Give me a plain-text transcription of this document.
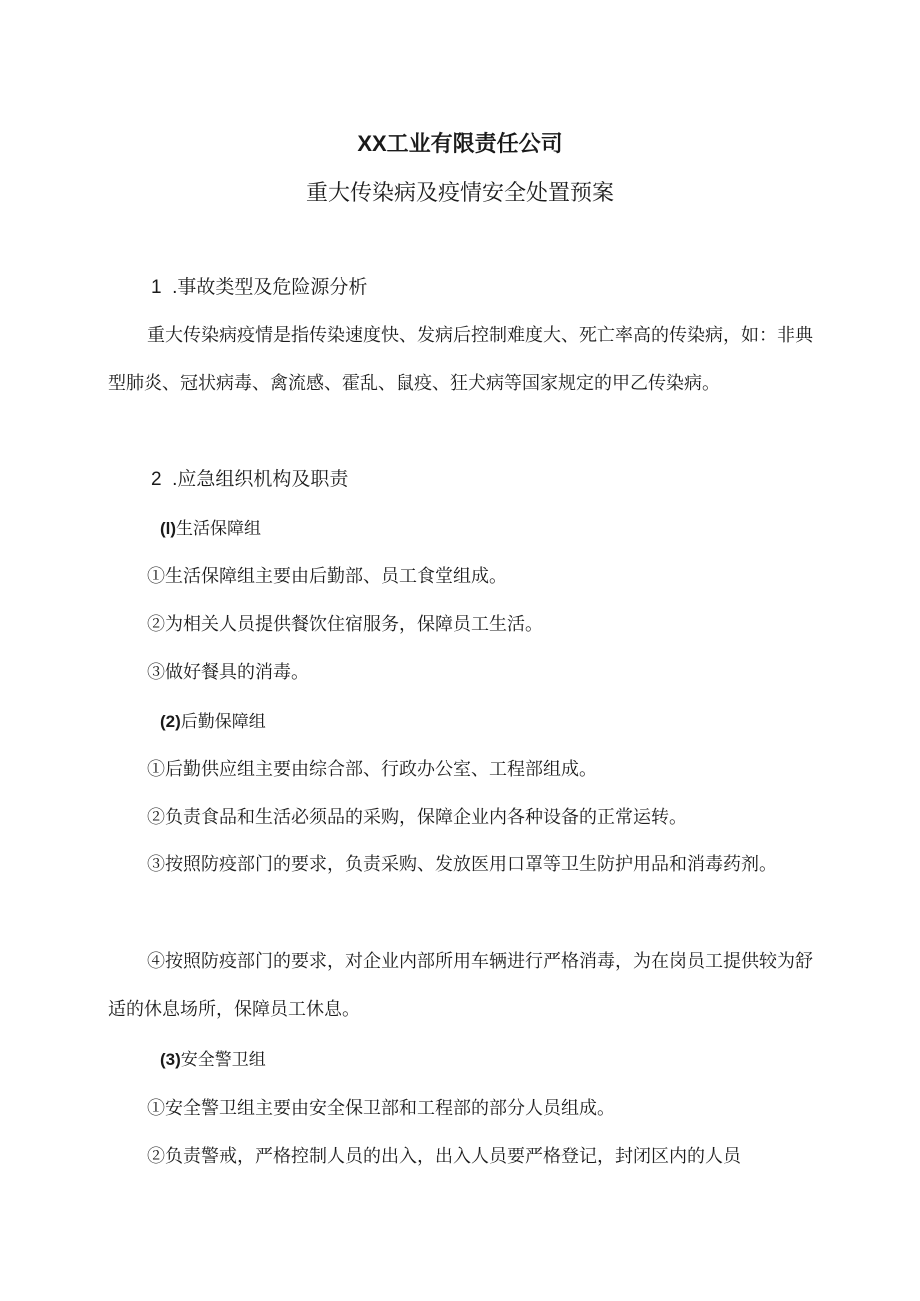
XX工业有限责任公司
重大传染病及疫情安全处置预案
1  .事故类型及危险源分析

重大传染病疫情是指传染速度快、发病后控制难度大、死亡率高的传染病，如：非典型肺炎、冠状病毒、禽流感、霍乱、鼠疫、狂犬病等国家规定的甲乙传染病。

2  .应急组织机构及职责
(l)生活保障组
①生活保障组主要由后勤部、员工食堂组成。
②为相关人员提供餐饮住宿服务，保障员工生活。
③做好餐具的消毒。
(2)后勤保障组
①后勤供应组主要由综合部、行政办公室、工程部组成。
②负责食品和生活必须品的采购，保障企业内各种设备的正常运转。

③按照防疫部门的要求，负责采购、发放医用口罩等卫生防护用品和消毒药剂。

④按照防疫部门的要求，对企业内部所用车辆进行严格消毒，为在岗员工提供较为舒适的休息场所，保障员工休息。

(3)安全警卫组
①安全警卫组主要由安全保卫部和工程部的部分人员组成。
②负责警戒，严格控制人员的出入，出入人员要严格登记，封闭区内的人员
